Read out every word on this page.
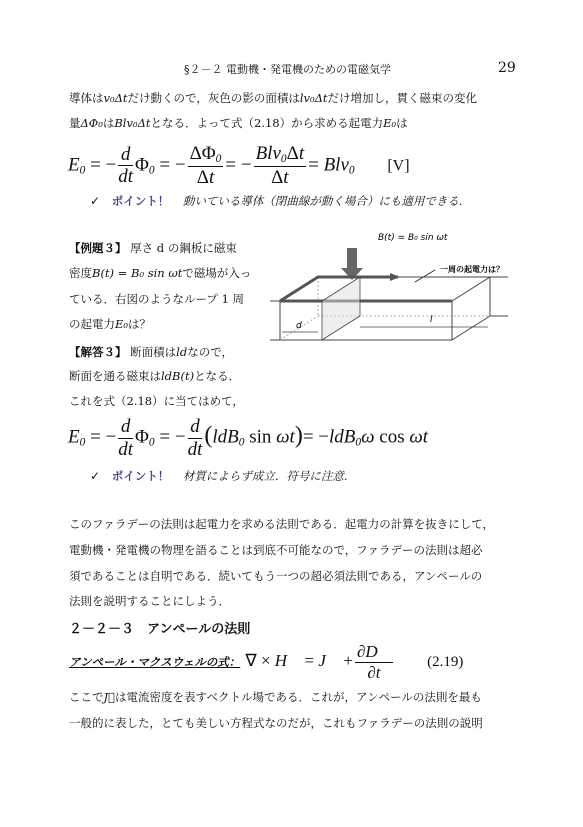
§２－２ 電動機・発電機のための電磁気学	29
導体はv₀Δtだけ動くので，灰色の影の面積はlv₀Δtだけ増加し，貫く磁束の変化
量ΔΦ₀はBlv₀Δtとなる．よって式（2.18）から求める起電力E₀は
$E_0$ = − $\frac{d}{dt} \Phi_0$ = − $\frac{\Delta\Phi_0}{\Delta t}$ = − $\frac{Blv_0\Delta t}{\Delta t} = Blv_0$ [V]
✓ ポイント！ 動いている導体（閉曲線が動く場合）にも適用できる.
【例題３】 厚さ d の鋼板に磁束
密度B(t) = B₀ sin ωtで磁場が入っ
ている．右図のようなループ 1 周
の起電力E₀は？
【解答３】 断面積はldなので，
断面を通る磁束はldB(t)となる．
これを式（2.18）に当てはめて，
B(t) = B₀ sin ωt
一周の起電力は？
d
l
$E_0$ = − $\frac{d}{dt} \Phi_0$ = − $\frac{d}{dt} (ldB_0$ sin ωt)= −ldB$_0$ω cos ωt
✓ ポイント！ 材質によらず成立．符号に注意.
このファラデーの法則は起電力を求める法則である．起電力の計算を抜きにして，
電動機・発電機の物理を語ることは到底不可能なので，ファラデーの法則は超必
須であることは自明である．続いてもう一つの超必須法則である，アンペールの
法則を説明することにしよう．
２－２－３　アンペールの法則
アンペール・マクスウェルの式： ∇ × H⃗ = J⃗ + $\frac{\partial D⃗}{\partial t} (2.19)$
ここでJは電流密度を表すベクトル場である．これが，アンペールの法則を最も
一般的に表した，とても美しい方程式なのだが，これもファラデーの法則の説明
